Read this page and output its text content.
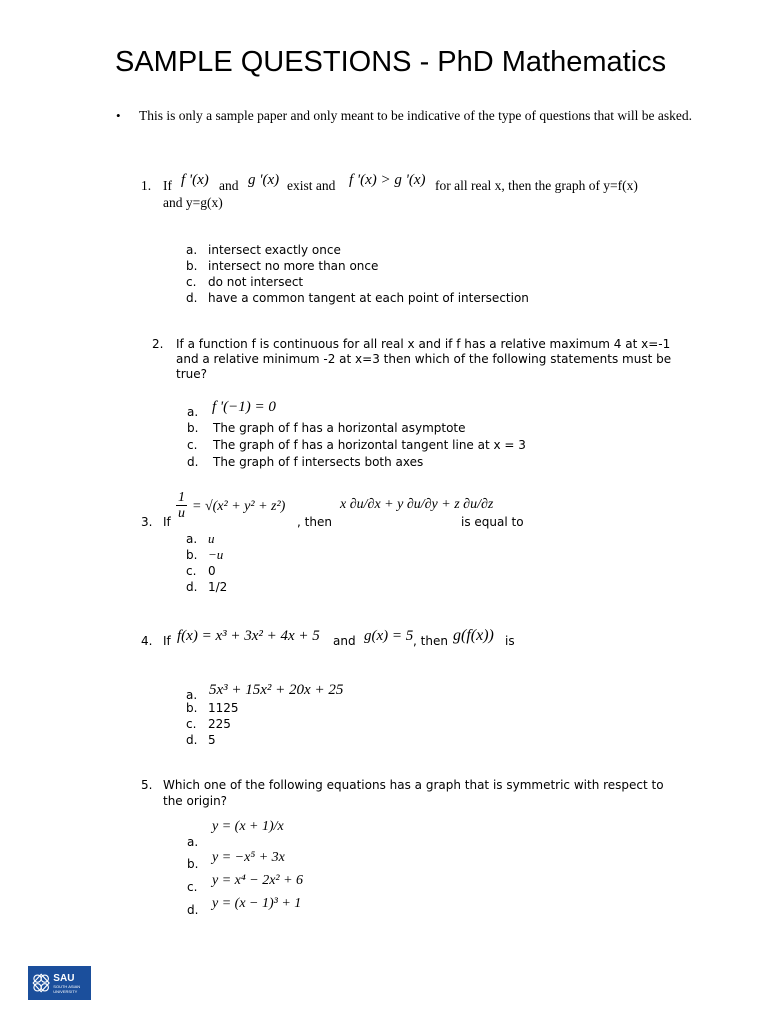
SAMPLE QUESTIONS - PhD Mathematics
• This is only a sample paper and only meant to be indicative of the type of questions that will be asked.
1. If f '(x) and g '(x) exist and f '(x) > g '(x) for all real x, then the graph of y=f(x)
and y=g(x)
a. intersect exactly once
b. intersect no more than once
c. do not intersect
d. have a common tangent at each point of intersection
2. If a function f is continuous for all real x and if f has a relative maximum 4 at x=-1
and a relative minimum -2 at x=3 then which of the following statements must be
true?
a. f '(−1) = 0
b. The graph of f has a horizontal asymptote
c. The graph of f has a horizontal tangent line at x = 3
d. The graph of f intersects both axes
3. If
$\frac{1}{u} = √(x^2 + y^2 + z^2)$
, then
x ∂u/∂x + y ∂u/∂y + z ∂u/∂z
is equal to
a. u
b. −u
c. 0
d. 1/2
4. If f(x) = x³ + 3x² + 4x + 5 and g(x) = 5 , then g(f(x)) is
a. 5x³ + 15x² + 20x + 25
b. 1125
c. 225
d. 5
5. Which one of the following equations has a graph that is symmetric with respect to
the origin?
a.
y = (x + 1)/x
b. y = −x⁵ + 3x
c. y = x⁴ − 2x² + 6
d. y = (x − 1)³ + 1
SAU
SOUTH ASIAN UNIVERSITY
